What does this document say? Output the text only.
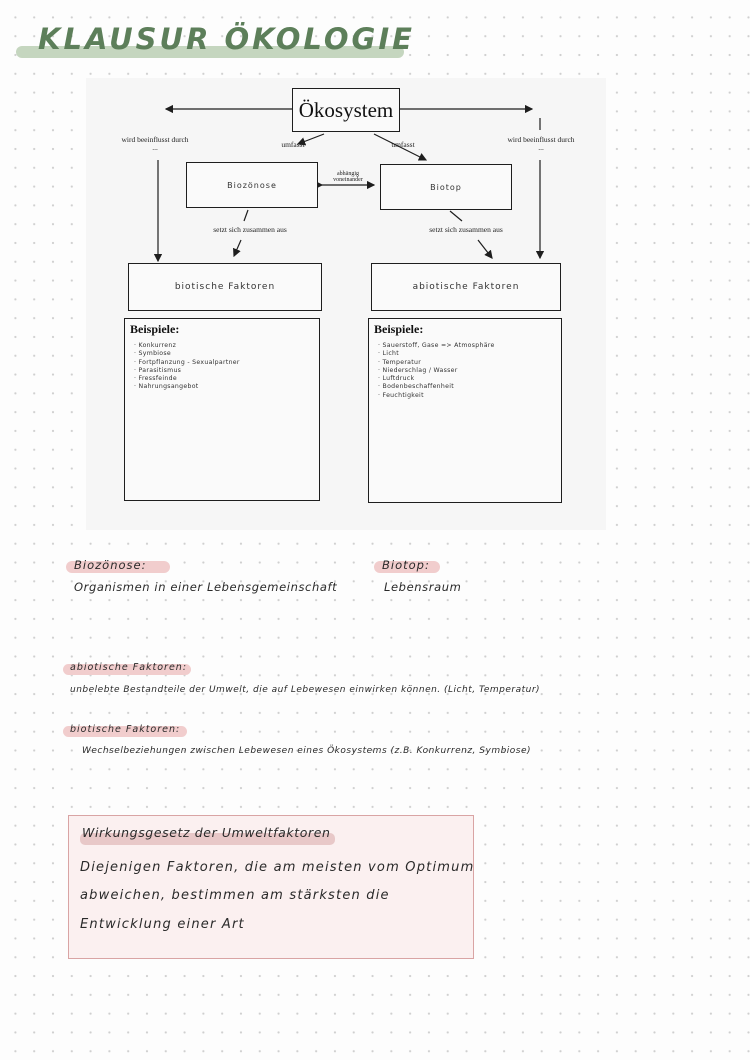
KLAUSUR ÖKOLOGIE
Ökosystem
wird beeinflusst durch ...
wird beeinflusst durch ...
umfasst	umfasst
Biozönose
abhängig voneinander
Biotop
setzt sich zusammen aus	setzt sich zusammen aus
biotische Faktoren	abiotische Faktoren
Beispiele:
· Konkurrenz
· Symbiose
· Fortpflanzung - Sexualpartner
· Parasitismus
· Fressfeinde
· Nahrungsangebot
Beispiele:
· Sauerstoff, Gase => Atmosphäre
· Licht
· Temperatur
· Niederschlag / Wasser
· Luftdruck
· Bodenbeschaffenheit
· Feuchtigkeit
Biozönose:
Organismen in einer Lebensgemeinschaft
Biotop:
Lebensraum
abiotische Faktoren:
unbelebte Bestandteile der Umwelt, die auf Lebewesen einwirken können. (Licht, Temperatur)
biotische Faktoren:
Wechselbeziehungen zwischen Lebewesen eines Ökosystems (z.B. Konkurrenz, Symbiose)
Wirkungsgesetz der Umweltfaktoren
Diejenigen Faktoren, die am meisten vom Optimum
abweichen, bestimmen am stärksten die
Entwicklung einer Art
